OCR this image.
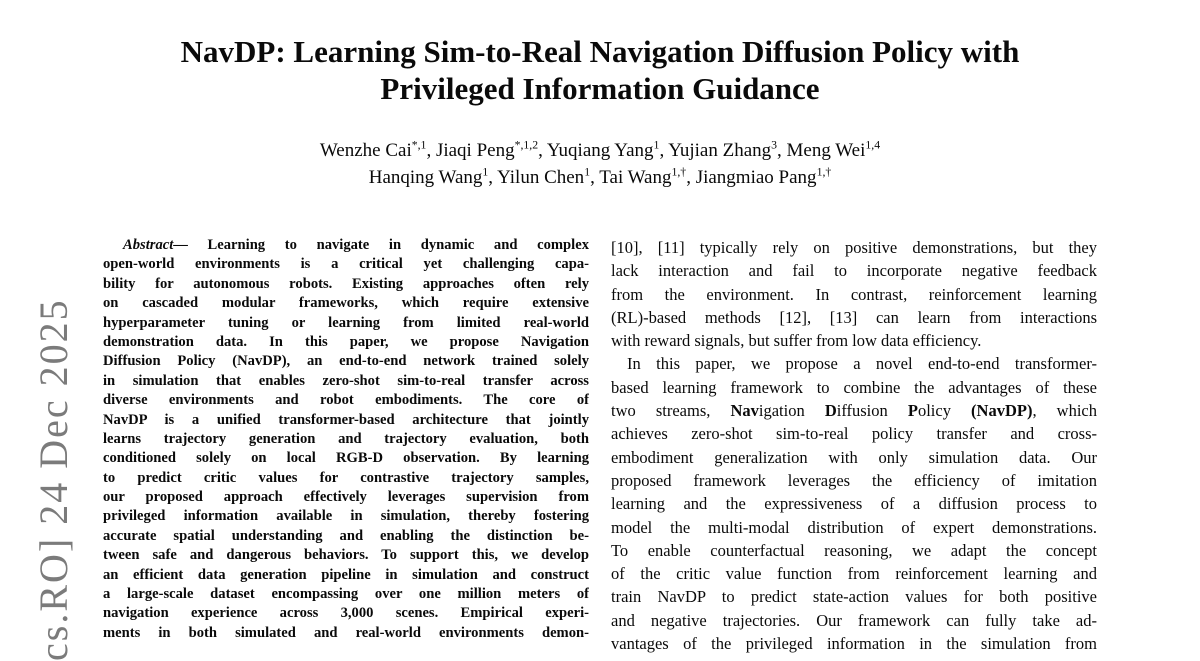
cs.RO] 24 Dec 2025
NavDP: Learning Sim-to-Real Navigation Diffusion Policy with
Privileged Information Guidance
Wenzhe Cai$^{*,1}$, Jiaqi Peng$^{*,1,2}$, Yuqiang Yang$^1$, Yujian Zhang$^3$, Meng Wei$^{1,4}$
Hanqing Wang$^1$, Yilun Chen$^1$, Tai Wang$^{1,\dagger}$, Jiangmiao Pang$^{1,\dagger}$
Abstract— Learning to navigate in dynamic and complex
open-world environments is a critical yet challenging capa-
bility for autonomous robots. Existing approaches often rely
on cascaded modular frameworks, which require extensive
hyperparameter tuning or learning from limited real-world
demonstration data. In this paper, we propose Navigation
Diffusion Policy (NavDP), an end-to-end network trained solely
in simulation that enables zero-shot sim-to-real transfer across
diverse environments and robot embodiments. The core of
NavDP is a unified transformer-based architecture that jointly
learns trajectory generation and trajectory evaluation, both
conditioned solely on local RGB-D observation. By learning
to predict critic values for contrastive trajectory samples,
our proposed approach effectively leverages supervision from
privileged information available in simulation, thereby fostering
accurate spatial understanding and enabling the distinction be-
tween safe and dangerous behaviors. To support this, we develop
an efficient data generation pipeline in simulation and construct
a large-scale dataset encompassing over one million meters of
navigation experience across 3,000 scenes. Empirical experi-
ments in both simulated and real-world environments demon-
[10], [11] typically rely on positive demonstrations, but they
lack interaction and fail to incorporate negative feedback
from the environment. In contrast, reinforcement learning
(RL)-based methods [12], [13] can learn from interactions
with reward signals, but suffer from low data efficiency.
In this paper, we propose a novel end-to-end transformer-
based learning framework to combine the advantages of these
two streams, Navigation Diffusion Policy (NavDP), which
achieves zero-shot sim-to-real policy transfer and cross-
embodiment generalization with only simulation data. Our
proposed framework leverages the efficiency of imitation
learning and the expressiveness of a diffusion process to
model the multi-modal distribution of expert demonstrations.
To enable counterfactual reasoning, we adapt the concept
of the critic value function from reinforcement learning and
train NavDP to predict state-action values for both positive
and negative trajectories. Our framework can fully take ad-
vantages of the privileged information in the simulation from
